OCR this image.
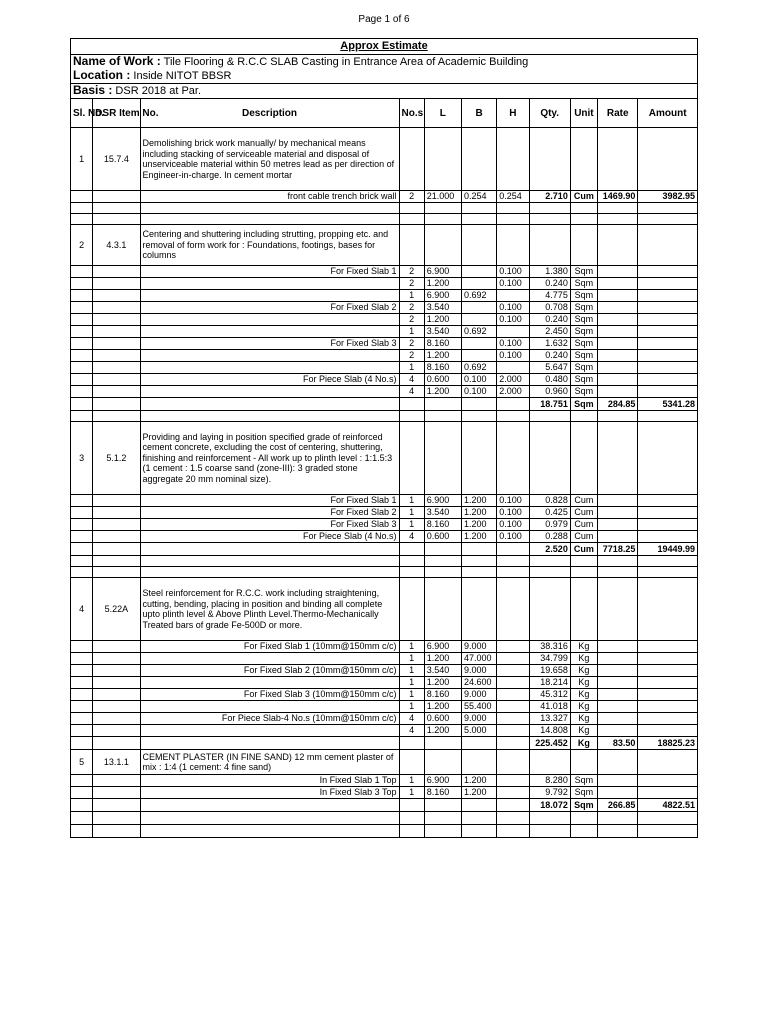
Page 1 of 6
Approx Estimate										
Name of Work : Tile Flooring & R.C.C SLAB Casting in Entrance Area of Academic Building
Location : Inside NITOT BBSR										
Basis : DSR 2018 at Par.										
Sl. No.	DSR Item No.	Description	No.s	L	B	H	Qty.	Unit	Rate	Amount
1	15.7.4	Demolishing brick work manually/ by mechanical means including stacking of serviceable material and disposal of unserviceable material within 50 metres lead as per direction of Engineer-in-charge. In cement mortar								
		front cable trench brick wall	2	21.000	0.254	0.254	2.710	Cum	1469.90	3982.95

2	4.3.1	Centering and shuttering including strutting, propping etc. and removal of form work for : Foundations, footings, bases for columns								
		For Fixed Slab 1	2	6.900		0.100	1.380	Sqm		
			2	1.200		0.100	0.240	Sqm		
			1	6.900	0.692		4.775	Sqm		
		For Fixed Slab 2	2	3.540		0.100	0.708	Sqm		
			2	1.200		0.100	0.240	Sqm		
			1	3.540	0.692		2.450	Sqm		
		For Fixed Slab 3	2	8.160		0.100	1.632	Sqm		
			2	1.200		0.100	0.240	Sqm		
			1	8.160	0.692		5.647	Sqm		
		For Piece Slab (4 No.s)	4	0.600	0.100	2.000	0.480	Sqm		
			4	1.200	0.100	2.000	0.960	Sqm		
							18.751	Sqm	284.85	5341.28

3	5.1.2	Providing and laying in position specified grade of reinforced cement concrete, excluding the cost of centering, shuttering, finishing and reinforcement - All work up to plinth level : 1:1.5:3 (1 cement : 1.5 coarse sand (zone-III): 3 graded stone aggregate 20 mm nominal size).								
		For Fixed Slab 1	1	6.900	1.200	0.100	0.828	Cum		
		For Fixed Slab 2	1	3.540	1.200	0.100	0.425	Cum		
		For Fixed Slab 3	1	8.160	1.200	0.100	0.979	Cum		
		For Piece Slab (4 No.s)	4	0.600	1.200	0.100	0.288	Cum		
							2.520	Cum	7718.25	19449.99

4	5.22A	Steel reinforcement for R.C.C. work including straightening, cutting, bending, placing in position and binding all complete upto plinth level & Above Plinth Level.Thermo-Mechanically Treated bars of grade Fe-500D or more.								
		For Fixed Slab 1 (10mm@150mm c/c)	1	6.900	9.000		38.316	Kg		
			1	1.200	47.000		34.799	Kg		
		For Fixed Slab 2 (10mm@150mm c/c)	1	3.540	9.000		19.658	Kg		
			1	1.200	24.600		18.214	Kg		
		For Fixed Slab 3 (10mm@150mm c/c)	1	8.160	9.000		45.312	Kg		
			1	1.200	55.400		41.018	Kg		
		For Piece Slab-4 No.s (10mm@150mm c/c)	4	0.600	9.000		13.327	Kg		
			4	1.200	5.000		14.808	Kg		
							225.452	Kg	83.50	18825.23
5	13.1.1	CEMENT PLASTER (IN FINE SAND) 12 mm cement plaster of mix : 1:4 (1 cement: 4 fine sand)								
		In Fixed Slab 1 Top	1	6.900	1.200		8.280	Sqm		
		In Fixed Slab 3 Top	1	8.160	1.200		9.792	Sqm		
							18.072	Sqm	266.85	4822.51
